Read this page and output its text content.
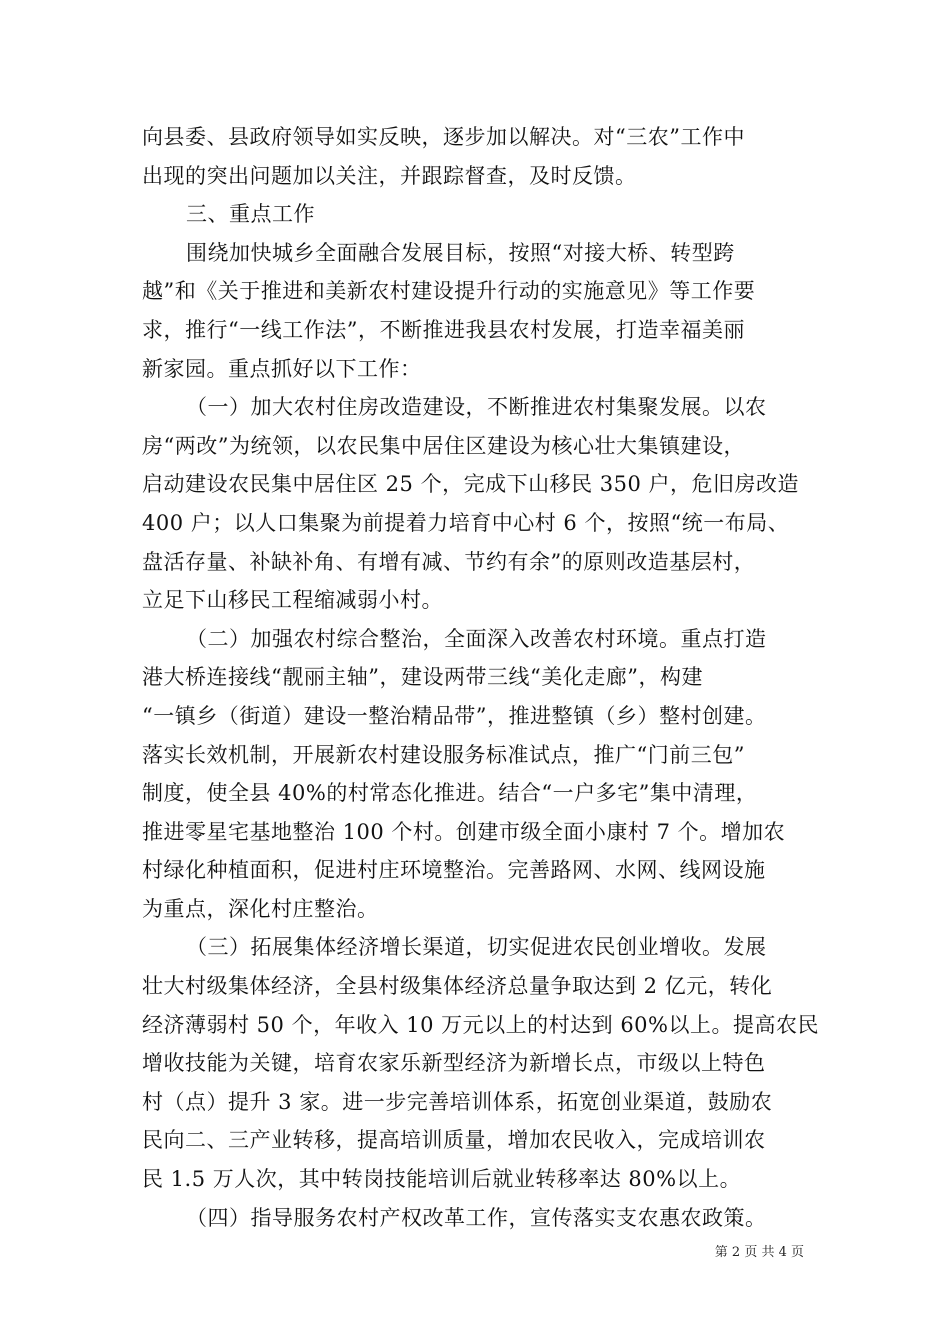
向县委、县政府领导如实反映，逐步加以解决。对“三农”工作中
出现的突出问题加以关注，并跟踪督查，及时反馈。
三、重点工作
围绕加快城乡全面融合发展目标，按照“对接大桥、转型跨
越”和《关于推进和美新农村建设提升行动的实施意见》等工作要
求，推行“一线工作法”，不断推进我县农村发展，打造幸福美丽
新家园。重点抓好以下工作：
（一）加大农村住房改造建设，不断推进农村集聚发展。以农
房“两改”为统领，以农民集中居住区建设为核心壮大集镇建设，
启动建设农民集中居住区 25 个，完成下山移民 350 户，危旧房改造
400 户；以人口集聚为前提着力培育中心村 6 个，按照“统一布局、
盘活存量、补缺补角、有增有减、节约有余”的原则改造基层村，
立足下山移民工程缩减弱小村。
（二）加强农村综合整治，全面深入改善农村环境。重点打造
港大桥连接线“靓丽主轴”，建设两带三线“美化走廊”，构建
“一镇乡（街道）建设一整治精品带”，推进整镇（乡）整村创建。
落实长效机制，开展新农村建设服务标准试点，推广“门前三包”
制度，使全县 40%的村常态化推进。结合“一户多宅”集中清理，
推进零星宅基地整治 100 个村。创建市级全面小康村 7 个。增加农
村绿化种植面积，促进村庄环境整治。完善路网、水网、线网设施
为重点，深化村庄整治。
（三）拓展集体经济增长渠道，切实促进农民创业增收。发展
壮大村级集体经济，全县村级集体经济总量争取达到 2 亿元，转化
经济薄弱村 50 个，年收入 10 万元以上的村达到 60%以上。提高农民
增收技能为关键，培育农家乐新型经济为新增长点，市级以上特色
村（点）提升 3 家。进一步完善培训体系，拓宽创业渠道，鼓励农
民向二、三产业转移，提高培训质量，增加农民收入，完成培训农
民 1.5 万人次，其中转岗技能培训后就业转移率达 80%以上。
（四）指导服务农村产权改革工作，宣传落实支农惠农政策。
第 2 页 共 4 页
